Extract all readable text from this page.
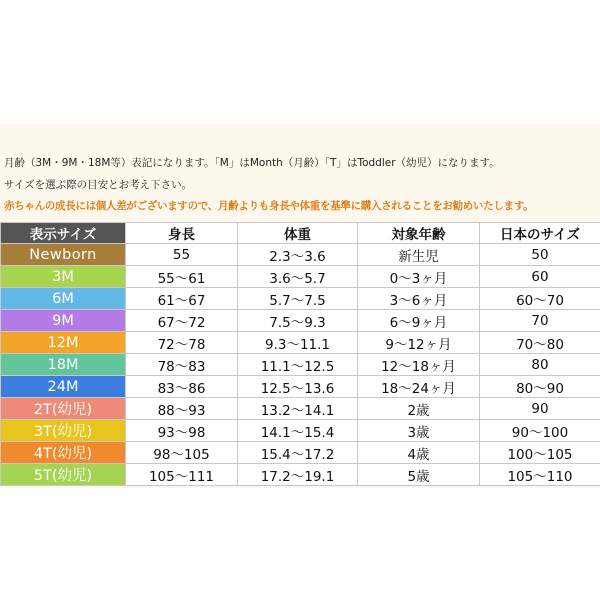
月齢（3M・9M・18M等）表記になります。「M」はMonth（月齢）「T」はToddler（幼児）になります。
サイズを選ぶ際の目安とお考え下さい。
赤ちゃんの成長には個人差がございますので、月齢よりも身長や体重を基準に購入されることをお勧めいたします。
表示サイズ	身長	体重	対象年齢	日本のサイズ
Newborn	55	2.3〜3.6	新生児	50
3M	55〜61	3.6〜5.7	0〜3ヶ月	60
6M	61〜67	5.7〜7.5	3〜6ヶ月	60〜70
9M	67〜72	7.5〜9.3	6〜9ヶ月	70
12M	72〜78	9.3〜11.1	9〜12ヶ月	70〜80
18M	78〜83	11.1〜12.5	12〜18ヶ月	80
24M	83〜86	12.5〜13.6	18〜24ヶ月	80〜90
2T(幼児)	88〜93	13.2〜14.1	2歳	90
3T(幼児)	93〜98	14.1〜15.4	3歳	90〜100
4T(幼児)	98〜105	15.4〜17.2	4歳	100〜105
5T(幼児)	105〜111	17.2〜19.1	5歳	105〜110
